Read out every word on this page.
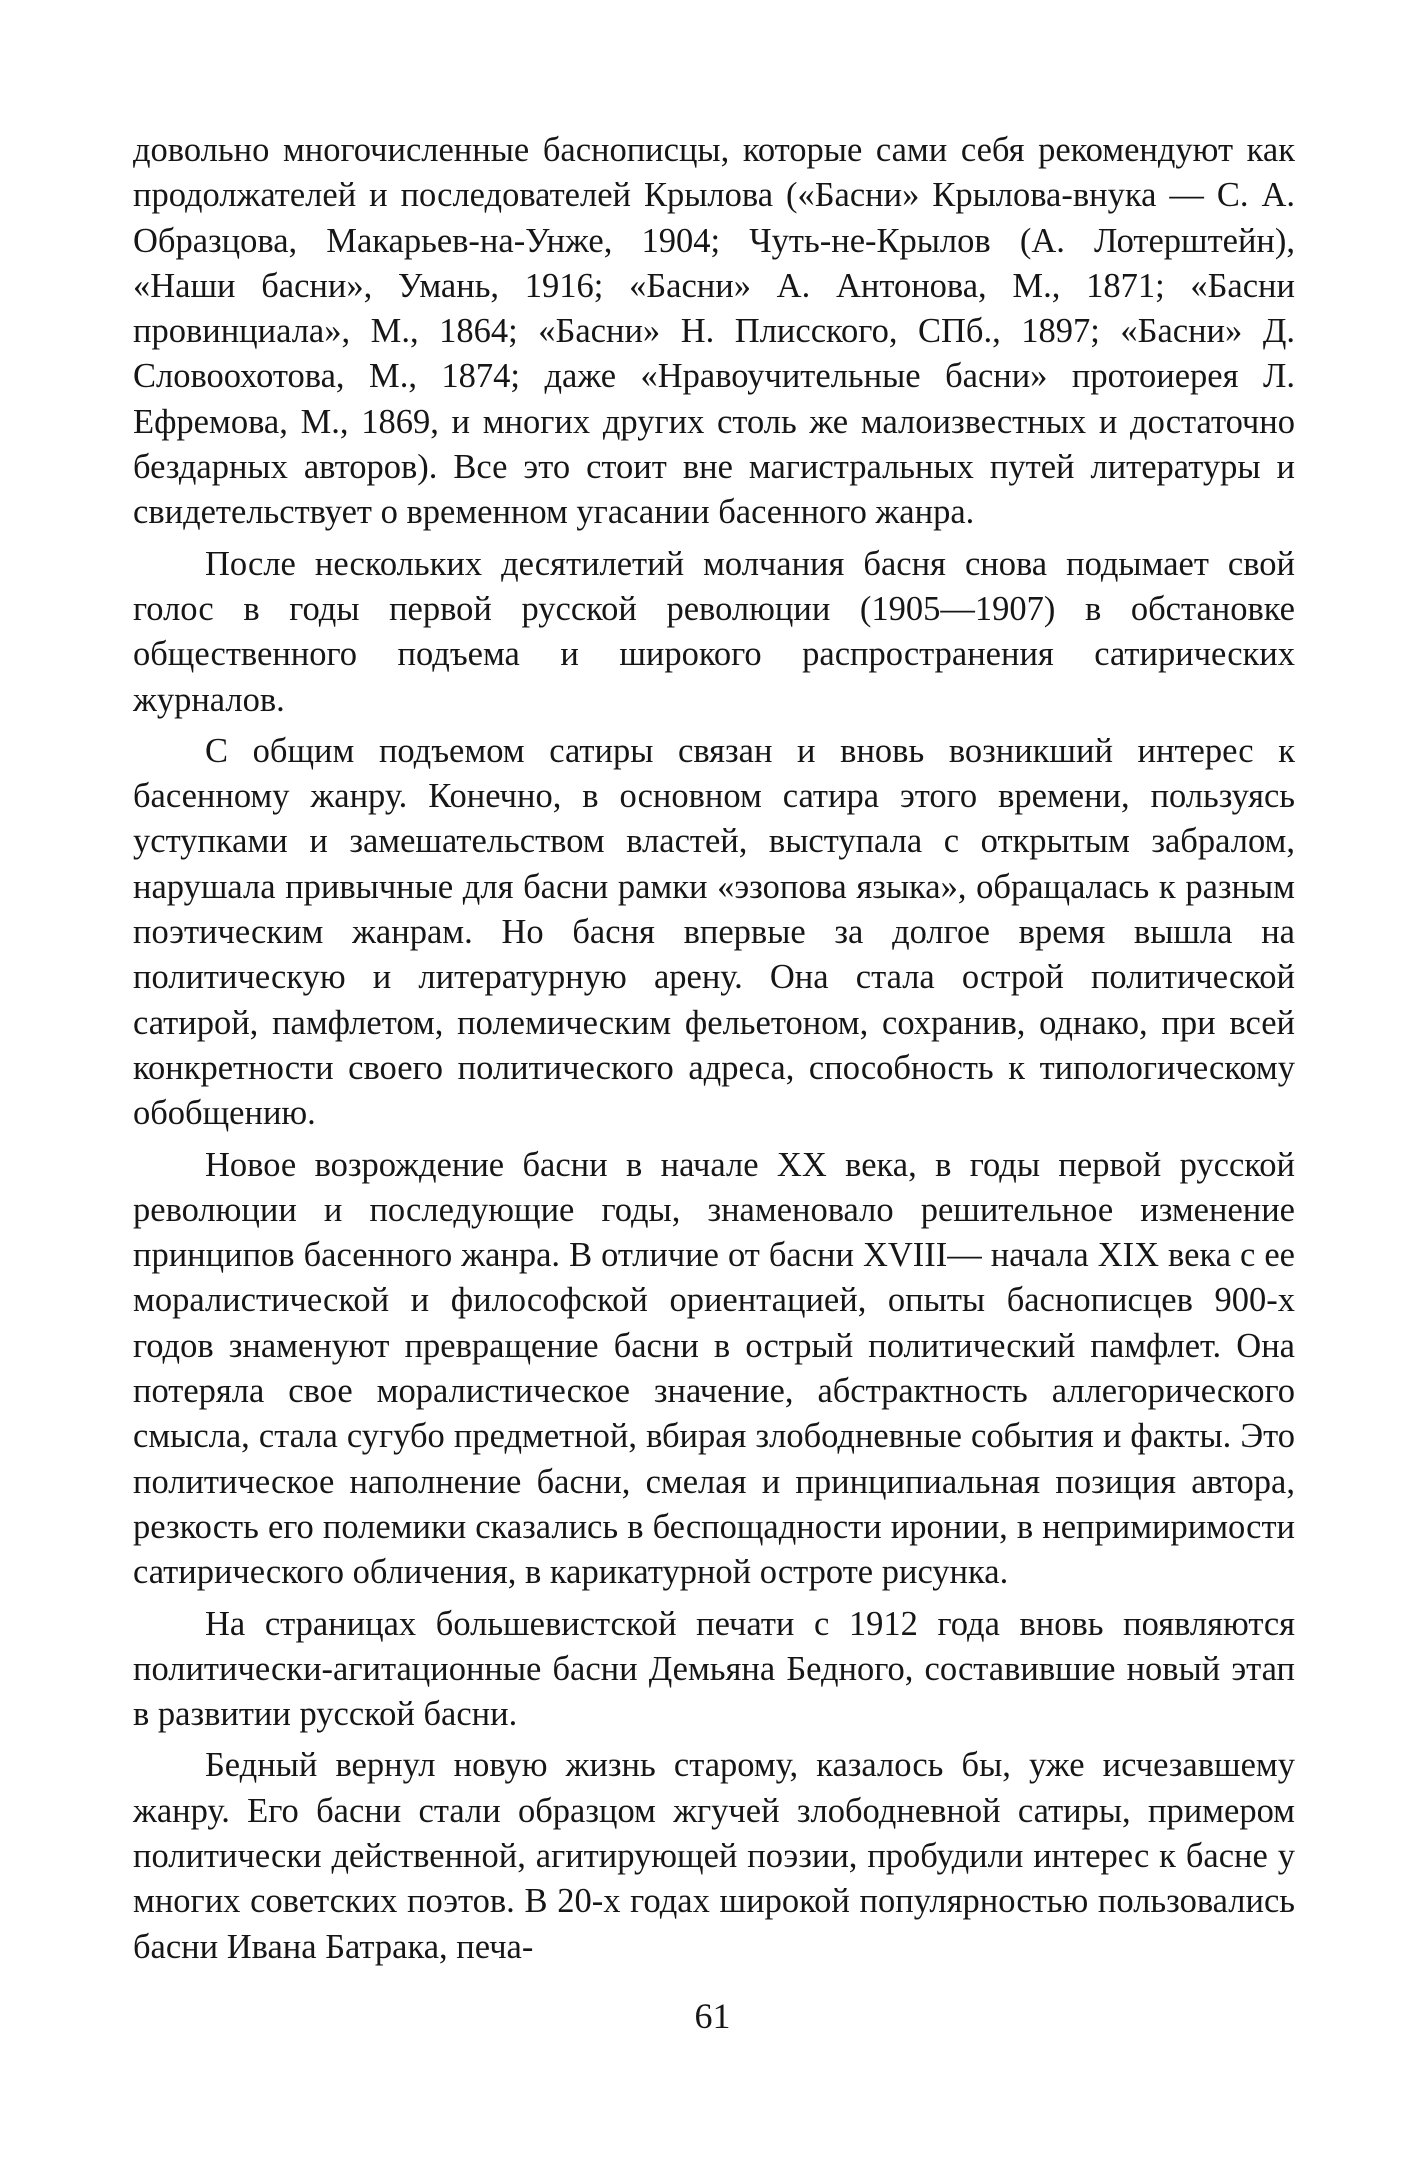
довольно многочисленные баснописцы, которые сами себя рекомендуют как продолжателей и последователей Крылова («Басни» Крылова-внука — С. А. Образцова, Макарьев-на-Унже, 1904; Чуть-не-Крылов (А. Лотерштейн), «Наши басни», Умань, 1916; «Басни» А. Антонова, М., 1871; «Басни провинциала», М., 1864; «Басни» Н. Плисского, СПб., 1897; «Басни» Д. Словоохотова, М., 1874; даже «Нравоучительные басни» протоиерея Л. Ефремова, М., 1869, и многих других столь же малоизвестных и достаточно бездарных авторов). Все это стоит вне магистральных путей литературы и свидетельствует о временном угасании басенного жанра.

После нескольких десятилетий молчания басня снова подымает свой голос в годы первой русской революции (1905—1907) в обстановке общественного подъема и широкого распространения сатирических журналов.

С общим подъемом сатиры связан и вновь возникший интерес к басенному жанру. Конечно, в основном сатира этого времени, пользуясь уступками и замешательством властей, выступала с открытым забралом, нарушала привычные для басни рамки «эзопова языка», обращалась к разным поэтическим жанрам. Но басня впервые за долгое время вышла на политическую и литературную арену. Она стала острой политической сатирой, памфлетом, полемическим фельетоном, сохранив, однако, при всей конкретности своего политического адреса, способность к типологическому обобщению.

Новое возрождение басни в начале XX века, в годы первой русской революции и последующие годы, знаменовало решительное изменение принципов басенного жанра. В отличие от басни XVIII— начала XIX века с ее моралистической и философской ориентацией, опыты баснописцев 900-х годов знаменуют превращение басни в острый политический памфлет. Она потеряла свое моралистическое значение, абстрактность аллегорического смысла, стала сугубо предметной, вбирая злободневные события и факты. Это политическое наполнение басни, смелая и принципиальная позиция автора, резкость его полемики сказались в беспощадности иронии, в непримиримости сатирического обличения, в карикатурной остроте рисунка.

На страницах большевистской печати с 1912 года вновь появляются политически-агитационные басни Демьяна Бедного, составившие новый этап в развитии русской басни.

Бедный вернул новую жизнь старому, казалось бы, уже исчезавшему жанру. Его басни стали образцом жгучей злободневной сатиры, примером политически действенной, агитирующей поэзии, пробудили интерес к басне у многих советских поэтов. В 20-х годах широкой популярностью пользовались басни Ивана Батрака, печа-

61
